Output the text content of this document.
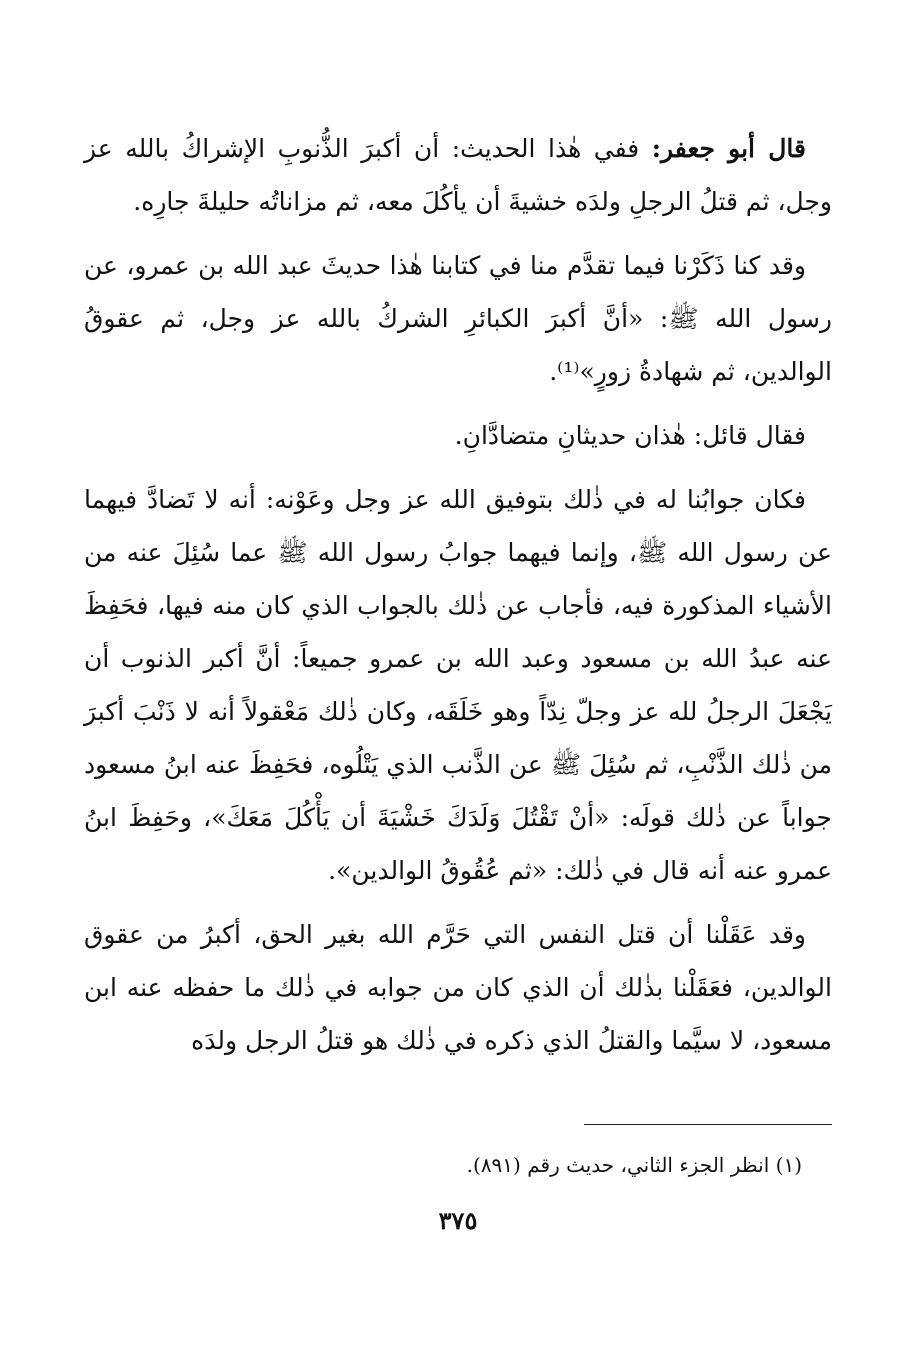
قال أبو جعفر: ففي هٰذا الحديث: أن أكبرَ الذُّنوبِ الإشراكُ بالله عز وجل، ثم قتلُ الرجلِ ولدَه خشيةَ أن يأكُلَ معه، ثم مزاناتُه حليلةَ جارِه.

وقد كنا ذَكَرْنا فيما تقدَّم منا في كتابنا هٰذا حديثَ عبد الله بن عمرو، عن رسول الله ﷺ: «أنَّ أكبرَ الكبائرِ الشركُ بالله عز وجل، ثم عقوقُ الوالدين، ثم شهادةُ زورٍ»⁽¹⁾.

فقال قائل: هٰذان حديثانِ متضادَّانِ.

فكان جوابُنا له في ذٰلك بتوفيق الله عز وجل وعَوْنه: أنه لا تَضادَّ فيهما عن رسول الله ﷺ، وإنما فيهما جوابُ رسول الله ﷺ عما سُئِلَ عنه من الأشياء المذكورة فيه، فأجاب عن ذٰلك بالجواب الذي كان منه فيها، فحَفِظَ عنه عبدُ الله بن مسعود وعبد الله بن عمرو جميعاً: أنَّ أكبر الذنوب أن يَجْعَلَ الرجلُ لله عز وجلّ نِدّاً وهو خَلَقَه، وكان ذٰلك مَعْقولاً أنه لا ذَنْبَ أكبرَ من ذٰلك الذَّنْبِ، ثم سُئِلَ ﷺ عن الذَّنب الذي يَتْلُوه، فحَفِظَ عنه ابنُ مسعود جواباً عن ذٰلك قولَه: «أنْ تَقْتُلَ وَلَدَكَ خَشْيَةَ أن يَأْكُلَ مَعَكَ»، وحَفِظَ ابنُ عمرو عنه أنه قال في ذٰلك: «ثم عُقُوقُ الوالدين».

وقد عَقَلْنا أن قتل النفس التي حَرَّم الله بغير الحق، أكبرُ من عقوق الوالدين، فعَقَلْنا بذٰلك أن الذي كان من جوابه في ذٰلك ما حفظه عنه ابن مسعود، لا سيَّما والقتلُ الذي ذكره في ذٰلك هو قتلُ الرجل ولدَه

(١) انظر الجزء الثاني، حديث رقم (٨٩١).
٣٧٥
